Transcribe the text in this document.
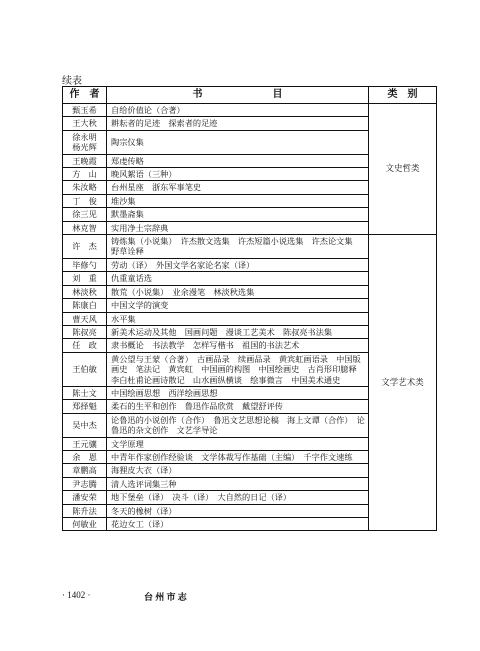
续表
作　者	书　　　　　　　目	类　别
甄玉希	自给价值论（合著）	文史哲类
王大秋	耕耘者的足迹　探索者的足迹	
徐永明
杨光辉	陶宗仪集	
王晚霞	郑虔传略	
方　山	晚风絮语（三种）	
朱汝略	台州星座　浙东军事笔史	
丁　俊	堆沙集	
徐三见	默墨斋集	
林克智	实用净土宗辞典	
许　杰	铸炼集（小说集）　许杰散文选集　许杰短篇小说选集　许杰论文集　野草诠释	文学艺术类
毕修勺	劳动（译）　外国文学名家论名家（译）	
刘　重	仇重童话选	
林淡秋	散荒（小说集）　业余漫笔　林淡秋选集	
陈康白	中国文学的演变	
曹天风	水平集	
陈叔亮	新美术运动及其他　国画问题　漫谈工艺美术　陈叔亮书法集	
任　政	隶书概论　书法教学　怎样写楷书　祖国的书法艺术	
王伯敏	黄公望与王蒙（合著）　古画品录　续画品录　黄宾虹画语录　中国版画史　笔法记　黄宾虹　中国画的构图　中国绘画史　古肖形印臆释　李白杜甫论画诗散记　山水画纵横谈　绘事微言　中国美术通史	
陈士文	中国绘画思想　西洋绘画思想	
郑择魁	柔石的生平和创作　鲁迅作品欣赏　戴望舒评传	
吴中杰	论鲁迅的小说创作（合作）　鲁迅文艺思想论稿　海上文谭（合作）　论鲁迅的杂文创作　文艺学导论	
王元骧	文学原理	
余　恩	中青年作家创作经验谈　文学体裁写作基础（主编）　千字作文速练	
章鹏高	海狸皮大衣（译）	
尹志腾	清人选评词集三种	
潘安荣	地下堡垒（译）　决斗（译）　大自然的日记（译）	
陈升法	冬天的橡树（译）	
何敏业	花边女工（译）	
· 1402 ·	台 州 市 志
